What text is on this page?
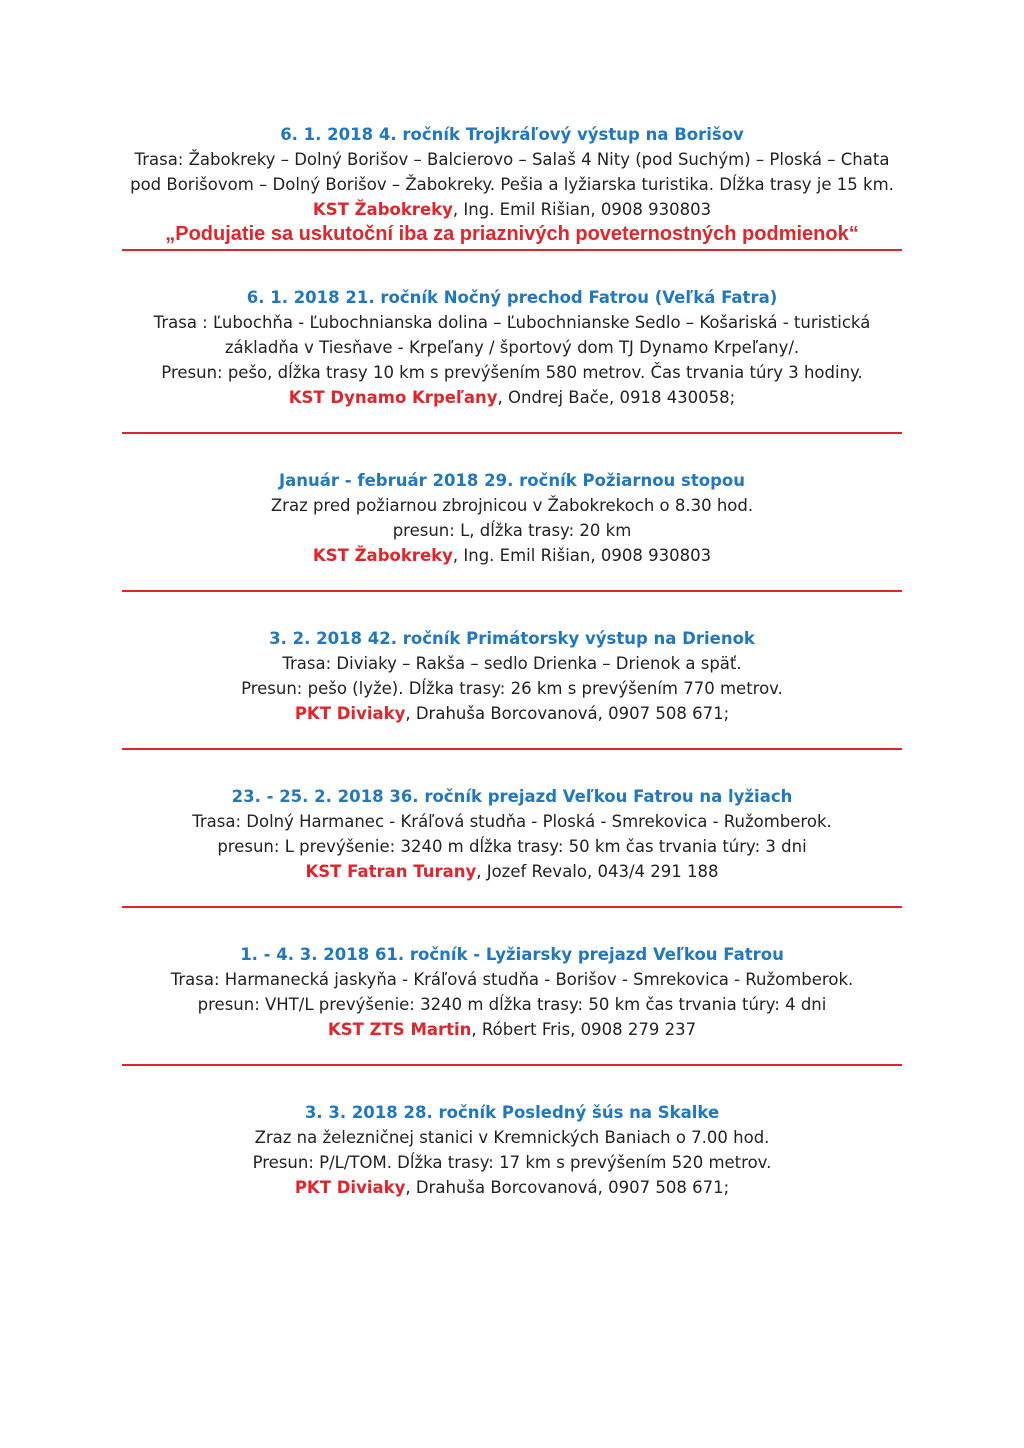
6. 1. 2018 4. ročník Trojkráľový výstup na Borišov
Trasa: Žabokreky – Dolný Borišov – Balcierovo – Salaš 4 Nity (pod Suchým) – Ploská – Chata pod Borišovom – Dolný Borišov – Žabokreky. Pešia a lyžiarska turistika. Dĺžka trasy je 15 km.
KST Žabokreky, Ing. Emil Rišian, 0908 930803
„Podujatie sa uskutoční iba za priaznivých poveternostných podmienok“
6. 1. 2018 21. ročník Nočný prechod Fatrou (Veľká Fatra)
Trasa : Ľubochňa - Ľubochnianska dolina – Ľubochnianske Sedlo – Košariská - turistická
základňa v Tiesňave - Krpeľany / športový dom TJ Dynamo Krpeľany/.
Presun: pešo, dĺžka trasy 10 km s prevýšením 580 metrov. Čas trvania túry 3 hodiny.
KST Dynamo Krpeľany, Ondrej Bače, 0918 430058;
Január - február 2018 29. ročník Požiarnou stopou
Zraz pred požiarnou zbrojnicou v Žabokrekoch o 8.30 hod.
presun: L, dĺžka trasy: 20 km
KST Žabokreky, Ing. Emil Rišian, 0908 930803
3. 2. 2018 42. ročník Primátorsky výstup na Drienok
Trasa: Diviaky – Rakša – sedlo Drienka – Drienok a späť.
Presun: pešo (lyže). Dĺžka trasy: 26 km s prevýšením 770 metrov.
PKT Diviaky, Drahuša Borcovanová, 0907 508 671;
23. - 25. 2. 2018 36. ročník prejazd Veľkou Fatrou na lyžiach
Trasa: Dolný Harmanec - Kráľová studňa - Ploská - Smrekovica - Ružomberok.
presun: L prevýšenie: 3240 m dĺžka trasy: 50 km čas trvania túry: 3 dni
KST Fatran Turany, Jozef Revalo, 043/4 291 188
1. - 4. 3. 2018 61. ročník - Lyžiarsky prejazd Veľkou Fatrou
Trasa: Harmanecká jaskyňa - Kráľová studňa - Borišov - Smrekovica - Ružomberok.
presun: VHT/L prevýšenie: 3240 m dĺžka trasy: 50 km čas trvania túry: 4 dni
KST ZTS Martin, Róbert Fris, 0908 279 237
3. 3. 2018 28. ročník Posledný šús na Skalke
Zraz na železničnej stanici v Kremnických Baniach o 7.00 hod.
Presun: P/L/TOM. Dĺžka trasy: 17 km s prevýšením 520 metrov.
PKT Diviaky, Drahuša Borcovanová, 0907 508 671;
